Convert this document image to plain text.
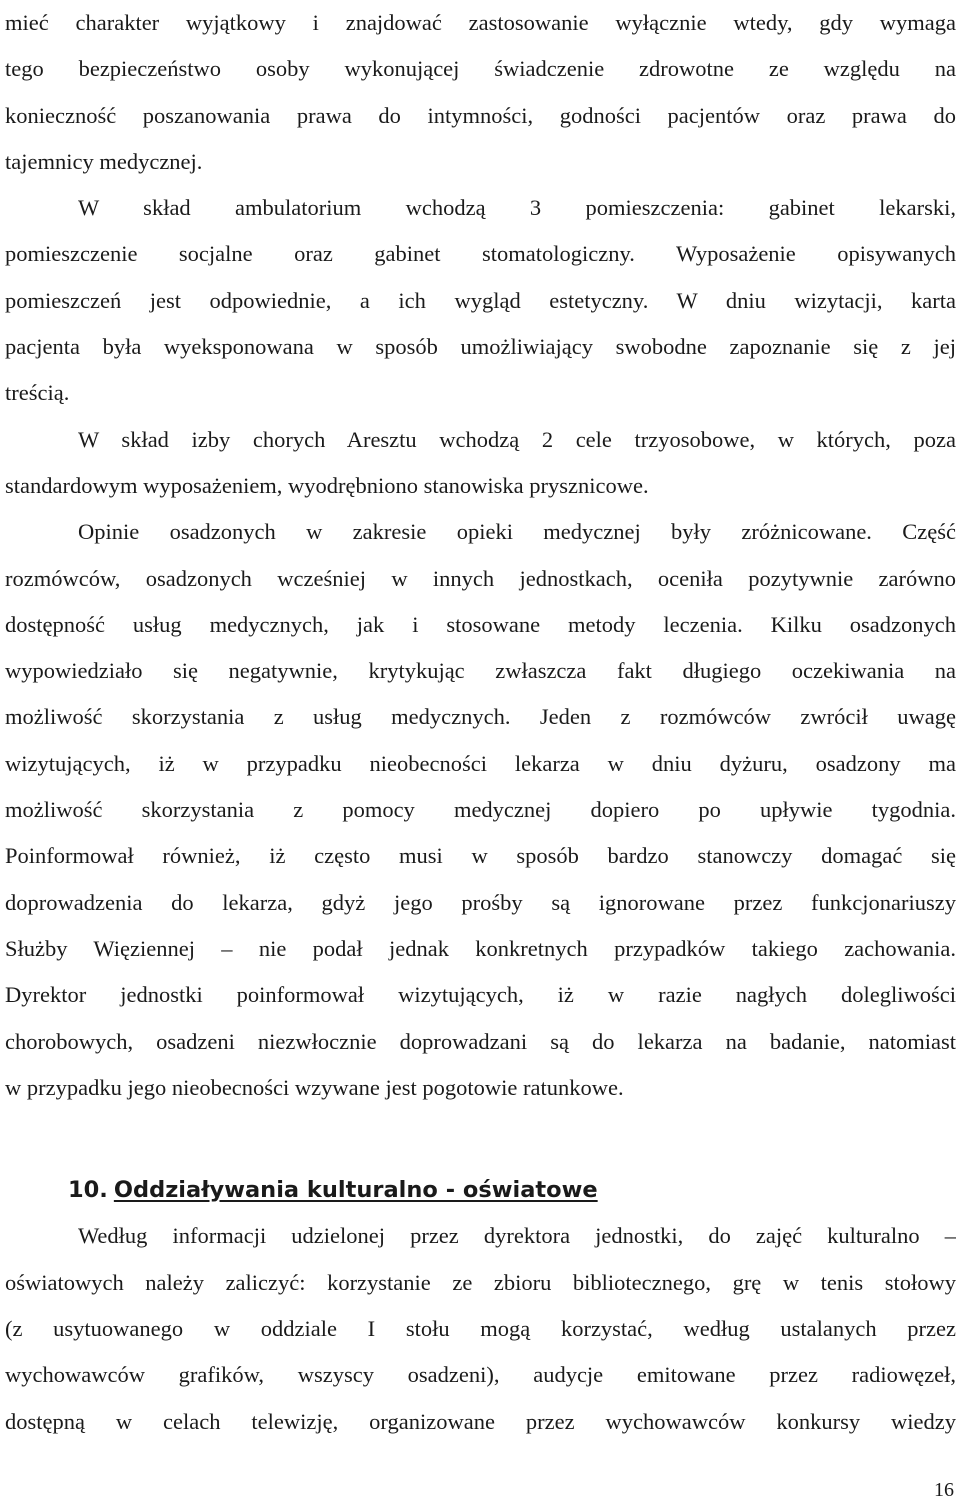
mieć charakter wyjątkowy i znajdować zastosowanie wyłącznie wtedy, gdy wymaga
tego bezpieczeństwo osoby wykonującej świadczenie zdrowotne ze względu na
konieczność poszanowania prawa do intymności, godności pacjentów oraz prawa do
tajemnicy medycznej.
W skład ambulatorium wchodzą 3 pomieszczenia: gabinet lekarski,
pomieszczenie socjalne oraz gabinet stomatologiczny. Wyposażenie opisywanych
pomieszczeń jest odpowiednie, a ich wygląd estetyczny. W dniu wizytacji, karta
pacjenta była wyeksponowana w sposób umożliwiający swobodne zapoznanie się z jej
treścią.
W skład izby chorych Aresztu wchodzą 2 cele trzyosobowe, w których, poza
standardowym wyposażeniem, wyodrębniono stanowiska prysznicowe.
Opinie osadzonych w zakresie opieki medycznej były zróżnicowane. Część
rozmówców, osadzonych wcześniej w innych jednostkach, oceniła pozytywnie zarówno
dostępność usług medycznych, jak i stosowane metody leczenia. Kilku osadzonych
wypowiedziało się negatywnie, krytykując zwłaszcza fakt długiego oczekiwania na
możliwość skorzystania z usług medycznych. Jeden z rozmówców zwrócił uwagę
wizytujących, iż w przypadku nieobecności lekarza w dniu dyżuru, osadzony ma
możliwość skorzystania z pomocy medycznej dopiero po upływie tygodnia.
Poinformował również, iż często musi w sposób bardzo stanowczy domagać się
doprowadzenia do lekarza, gdyż jego prośby są ignorowane przez funkcjonariuszy
Służby Więziennej – nie podał jednak konkretnych przypadków takiego zachowania.
Dyrektor jednostki poinformował wizytujących, iż w razie nagłych dolegliwości
chorobowych, osadzeni niezwłocznie doprowadzani są do lekarza na badanie, natomiast
w przypadku jego nieobecności wzywane jest pogotowie ratunkowe.
10. Oddziaływania kulturalno - oświatowe
Według informacji udzielonej przez dyrektora jednostki, do zajęć kulturalno –
oświatowych należy zaliczyć: korzystanie ze zbioru bibliotecznego, grę w tenis stołowy
(z usytuowanego w oddziale I stołu mogą korzystać, według ustalanych przez
wychowawców grafików, wszyscy osadzeni), audycje emitowane przez radiowęzeł,
dostępną w celach telewizję, organizowane przez wychowawców konkursy wiedzy
16
